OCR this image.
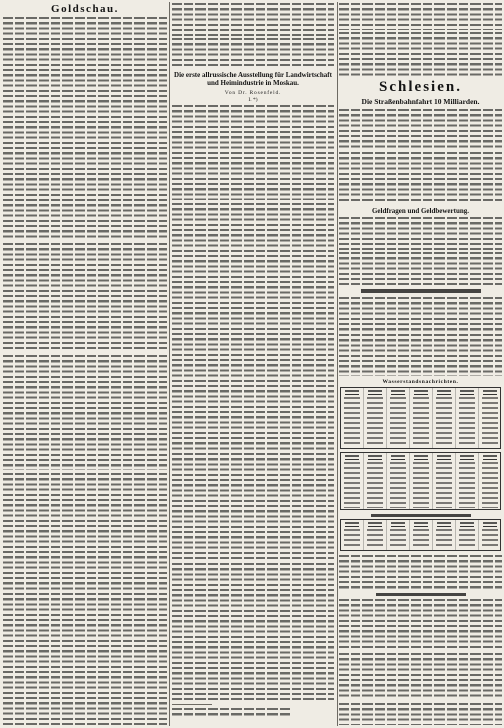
Goldschau.
Die erste allrussische Ausstellung für Landwirtschaft und Heimindustrie in Moskau.
Von Dr. Rosenfeld.
I. *)
Schlesien.
Die Straßenbahnfahrt 10 Milliarden.
Geldfragen und Geldbewertung.
Wasserstandsnachrichten.
